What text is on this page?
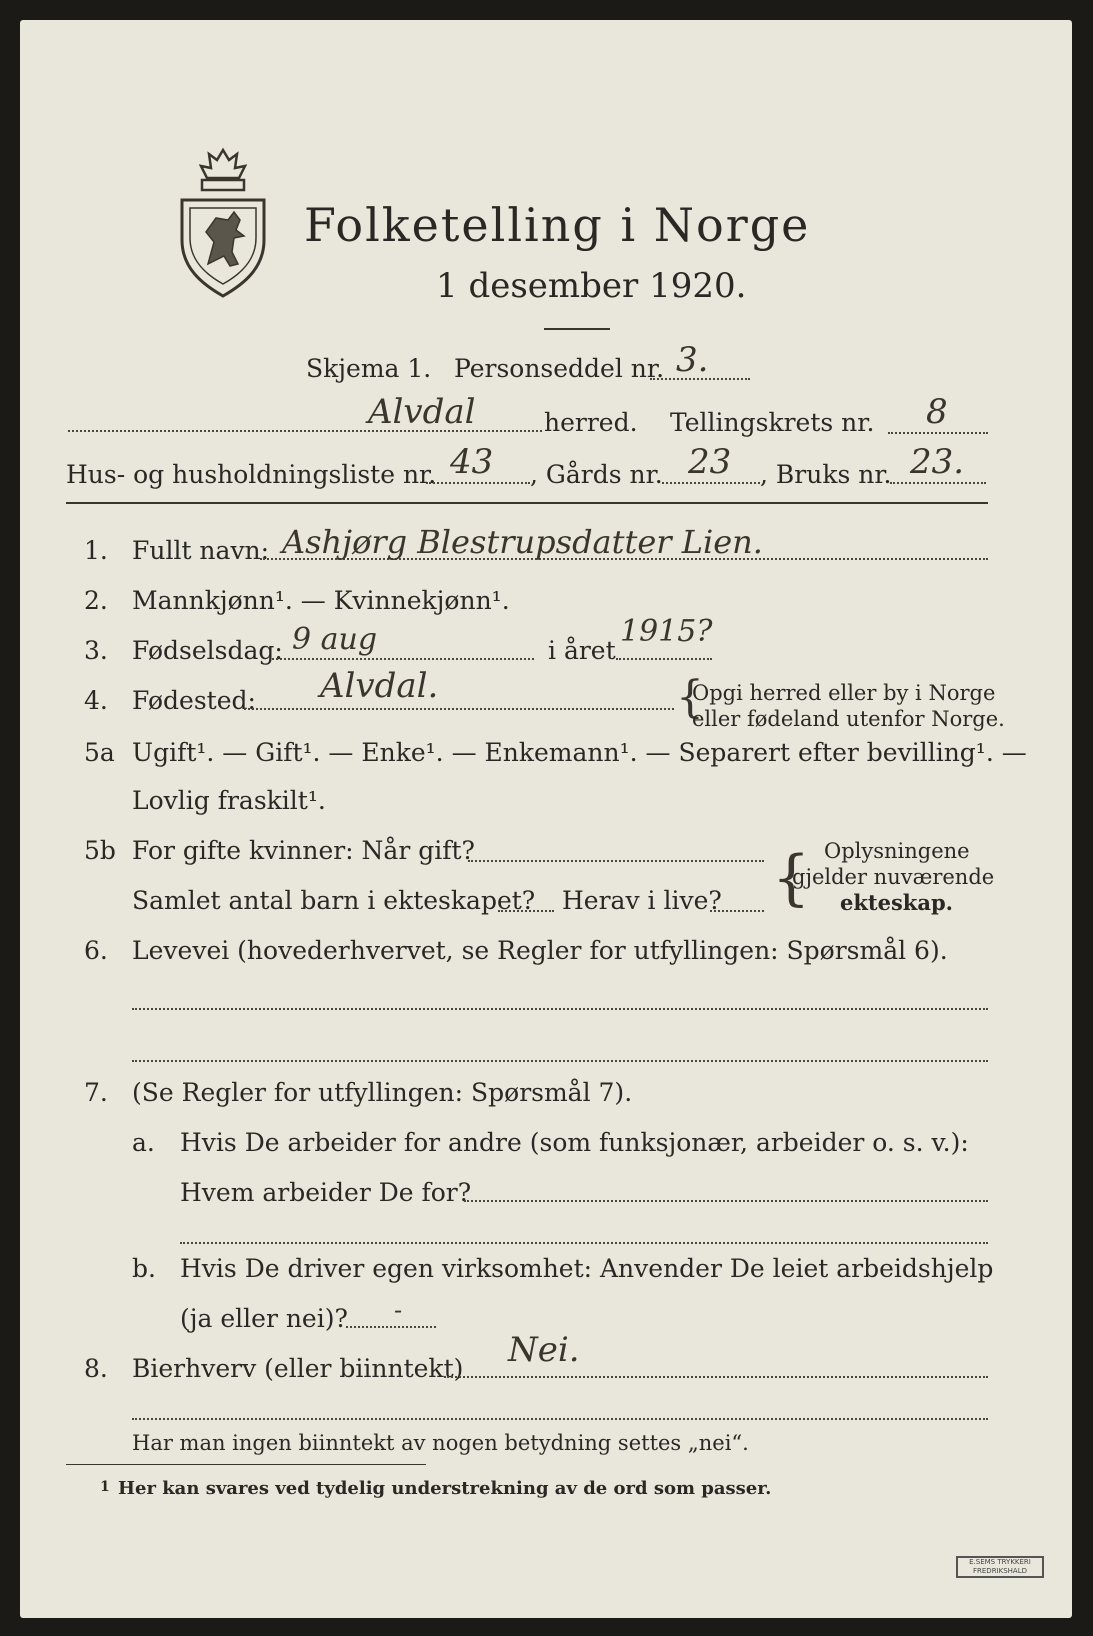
Folketelling i Norge
1 desember 1920.
Skjema 1. Personseddel nr. 3.
Alvdal	herred. Tellingskrets nr. 8
Hus- og husholdningsliste nr. 43 , Gårds nr. 23 , Bruks nr. 23.
1. Fullt navn: Ashjørg Blestrupsdatter Lien.
2. Mannkjønn¹. — Kvinnekjønn¹.
3. Fødselsdag: 9 aug	i året
1915?
4. Fødested: Alvdal.	{
Opgi herred eller by i Norge
eller fødeland utenfor Norge.
5a Ugift¹. — Gift¹. — Enke¹. — Enkemann¹. — Separert efter bevilling¹. —
Lovlig fraskilt¹.
5b For gifte kvinner: Når gift?
Samlet antal barn i ekteskapet? Herav i live? { Oplysningene
gjelder nuværende
ekteskap.
6. Levevei (hovederhvervet, se Regler for utfyllingen: Spørsmål 6).
7. (Se Regler for utfyllingen: Spørsmål 7).
a. Hvis De arbeider for andre (som funksjonær, arbeider o. s. v.):
Hvem arbeider De for?
b. Hvis De driver egen virksomhet: Anvender De leiet arbeidshjelp
(ja eller nei)? -
8. Bierhverv (eller biinntekt) Nei.
Har man ingen biinntekt av nogen betydning settes „nei“.
1 Her kan svares ved tydelig understrekning av de ord som passer.
E.SEMS TRYKKERI FREDRIKSHALD
